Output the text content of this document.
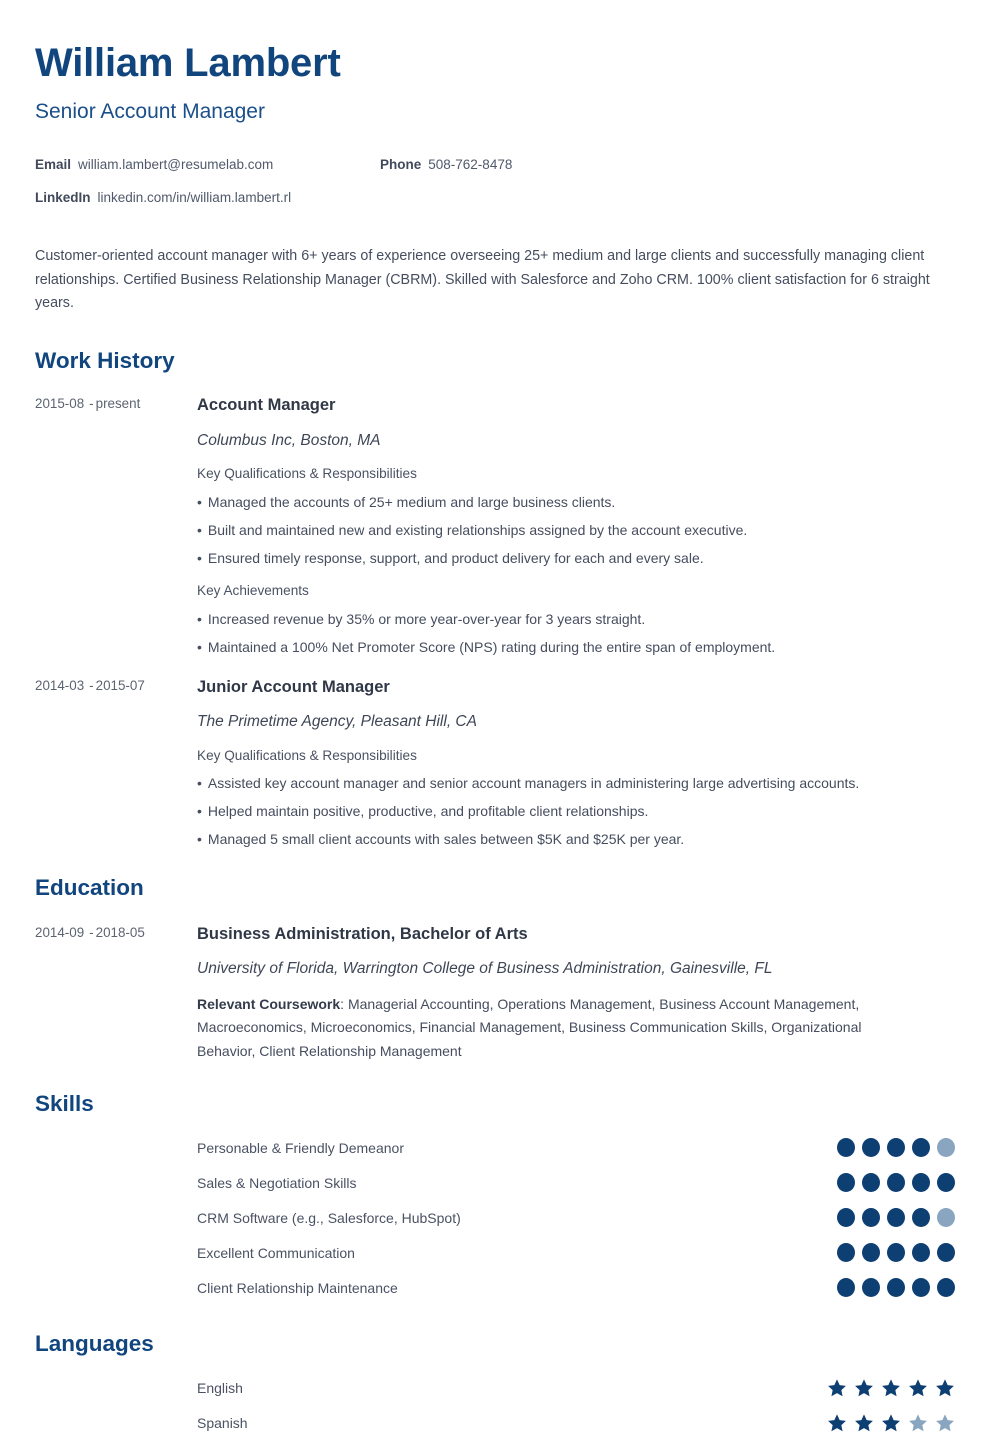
William Lambert
Senior Account Manager
Email william.lambert@resumelab.com	Phone 508-762-8478
LinkedIn linkedin.com/in/william.lambert.rl
Customer-oriented account manager with 6+ years of experience overseeing 25+ medium and large clients and successfully managing client relationships. Certified Business Relationship Manager (CBRM). Skilled with Salesforce and Zoho CRM. 100% client satisfaction for 6 straight years.
Work History
2015-08 - present	Account Manager
Columbus Inc, Boston, MA
Key Qualifications & Responsibilities
• Managed the accounts of 25+ medium and large business clients.
• Built and maintained new and existing relationships assigned by the account executive.
• Ensured timely response, support, and product delivery for each and every sale.
Key Achievements
• Increased revenue by 35% or more year-over-year for 3 years straight.
• Maintained a 100% Net Promoter Score (NPS) rating during the entire span of employment.
2014-03 - 2015-07	Junior Account Manager
The Primetime Agency, Pleasant Hill, CA
Key Qualifications & Responsibilities
• Assisted key account manager and senior account managers in administering large advertising accounts.
• Helped maintain positive, productive, and profitable client relationships.
• Managed 5 small client accounts with sales between $5K and $25K per year.
Education
2014-09 - 2018-05	Business Administration, Bachelor of Arts
University of Florida, Warrington College of Business Administration, Gainesville, FL
Relevant Coursework: Managerial Accounting, Operations Management, Business Account Management, Macroeconomics, Microeconomics, Financial Management, Business Communication Skills, Organizational Behavior, Client Relationship Management
Skills
Personable & Friendly Demeanor
Sales & Negotiation Skills
CRM Software (e.g., Salesforce, HubSpot)
Excellent Communication
Client Relationship Maintenance
Languages
English
Spanish
